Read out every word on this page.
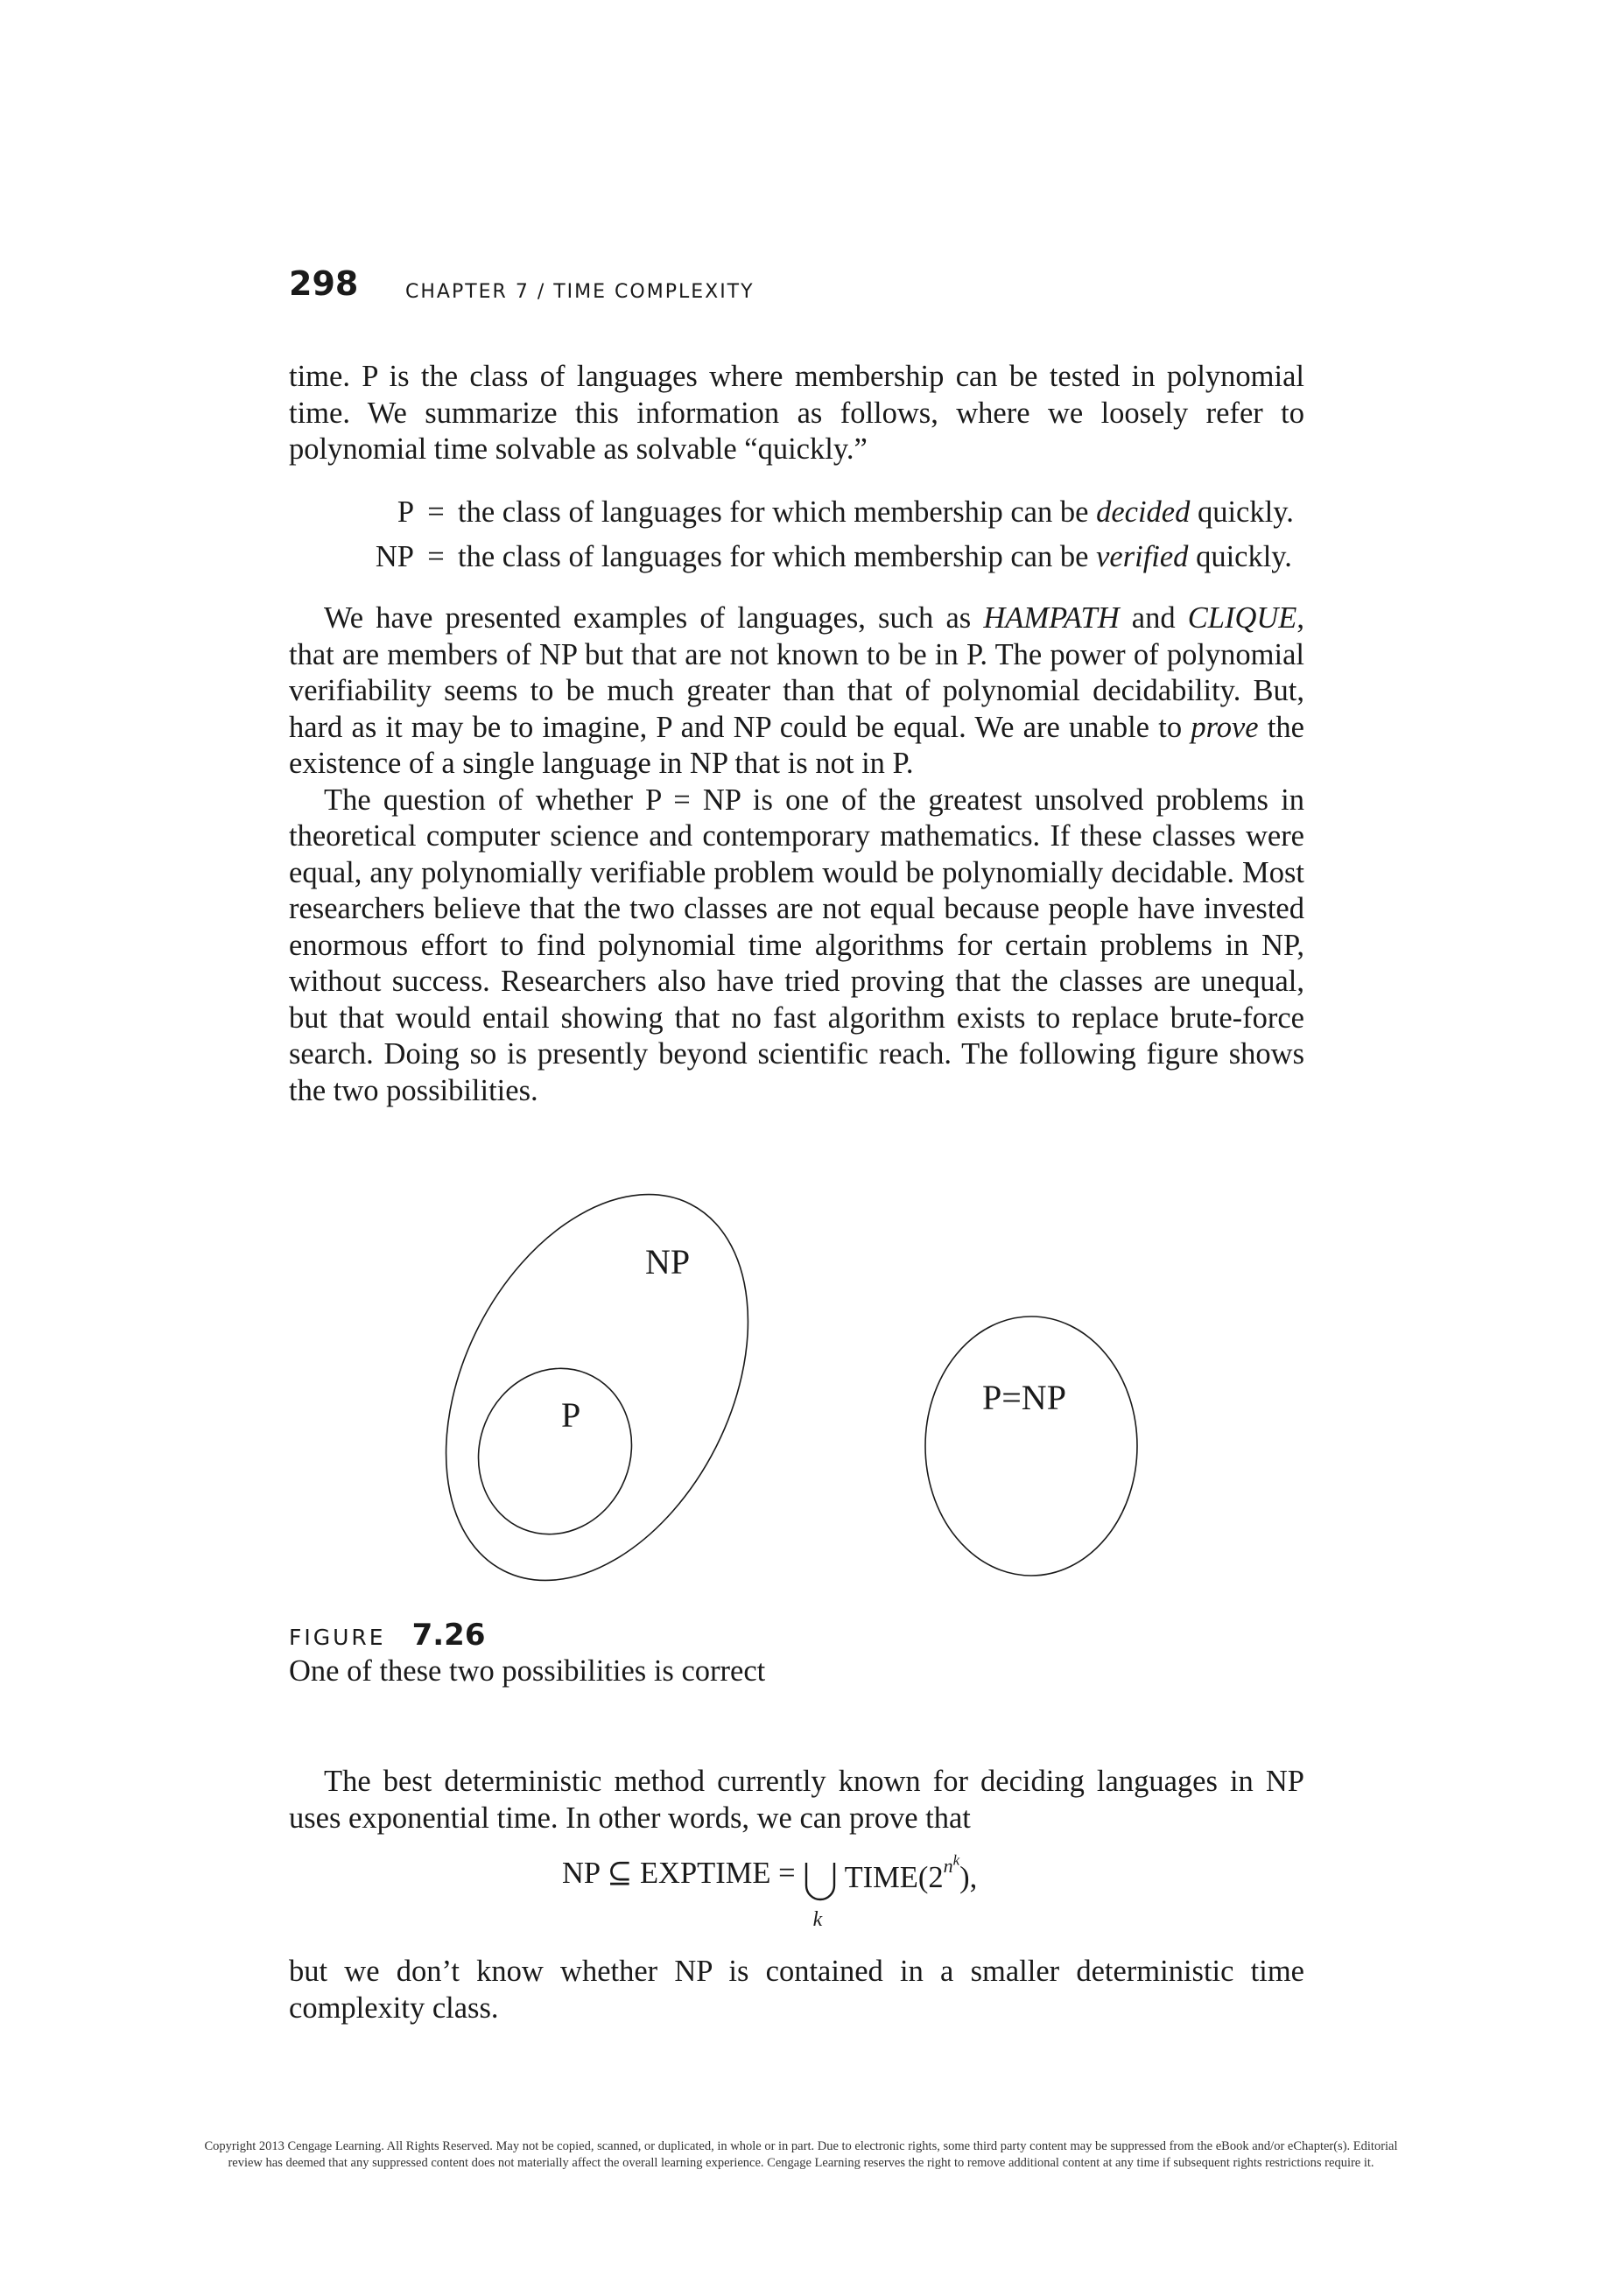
298 CHAPTER 7 / TIME COMPLEXITY

time. P is the class of languages where membership can be tested in polynomial time. We summarize this information as follows, where we loosely refer to polynomial time solvable as solvable “quickly.”

P = the class of languages for which membership can be decided quickly.
NP = the class of languages for which membership can be verified quickly.

We have presented examples of languages, such as HAMPATH and CLIQUE, that are members of NP but that are not known to be in P. The power of polynomial verifiability seems to be much greater than that of polynomial decidability. But, hard as it may be to imagine, P and NP could be equal. We are unable to prove the existence of a single language in NP that is not in P.

The question of whether P = NP is one of the greatest unsolved problems in theoretical computer science and contemporary mathematics. If these classes were equal, any polynomially verifiable problem would be polynomially decidable. Most researchers believe that the two classes are not equal because people have invested enormous effort to find polynomial time algorithms for certain problems in NP, without success. Researchers also have tried proving that the classes are unequal, but that would entail showing that no fast algorithm exists to replace brute-force search. Doing so is presently beyond scientific reach. The following figure shows the two possibilities.

NP
P	P=NP
FIGURE 7.26
One of these two possibilities is correct

The best deterministic method currently known for deciding languages in NP uses exponential time. In other words, we can prove that

NP ⊆ EXPTIME =
k
$TIME(2^{n^k})$,

but we don’t know whether NP is contained in a smaller deterministic time complexity class.

Copyright 2013 Cengage Learning. All Rights Reserved. May not be copied, scanned, or duplicated, in whole or in part. Due to electronic rights, some third party content may be suppressed from the eBook and/or eChapter(s). Editorial review has deemed that any suppressed content does not materially affect the overall learning experience. Cengage Learning reserves the right to remove additional content at any time if subsequent rights restrictions require it.
